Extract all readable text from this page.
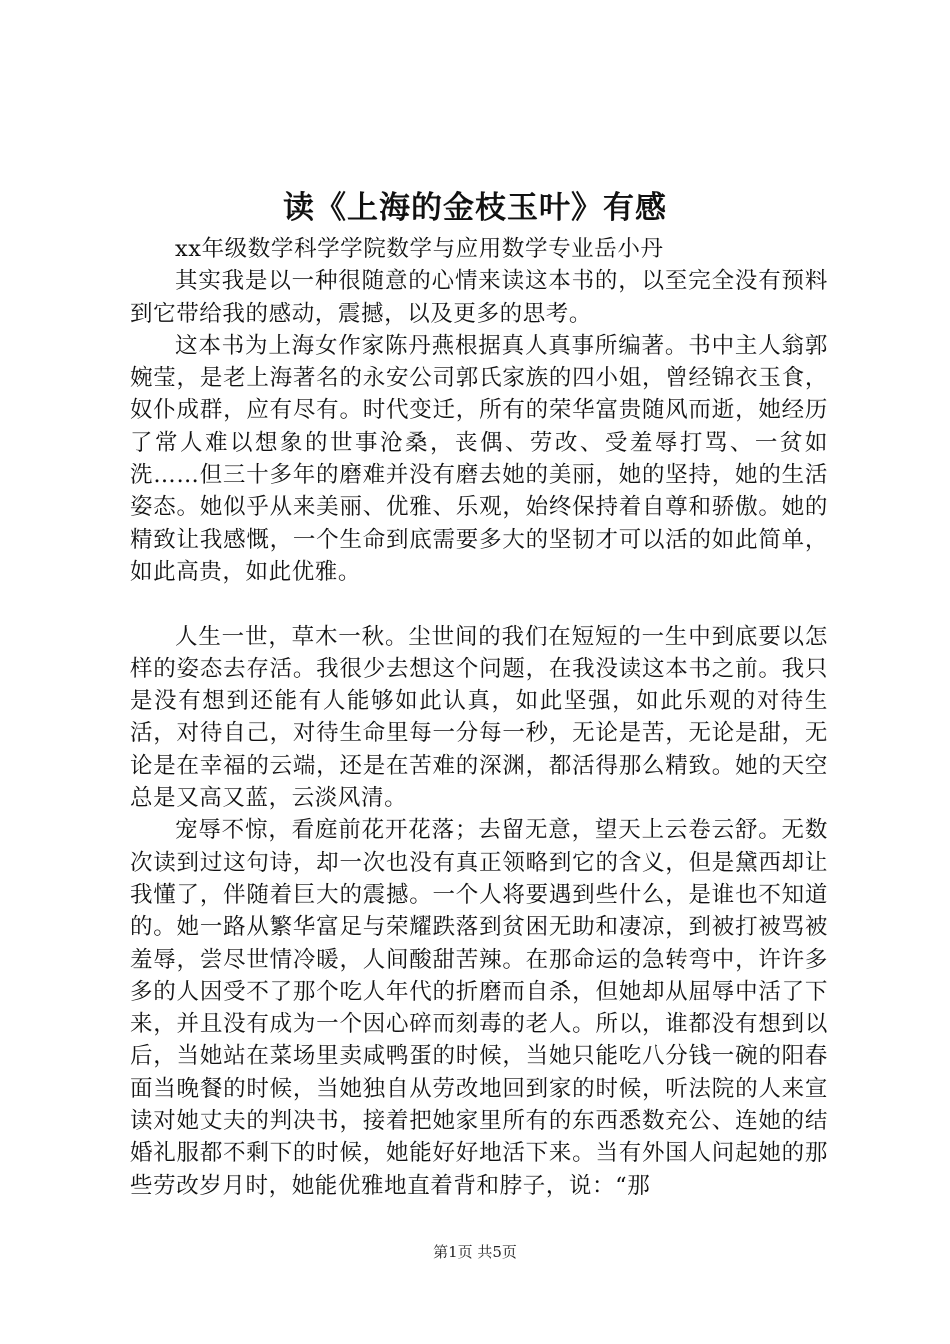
读《上海的金枝玉叶》有感

xx年级数学科学学院数学与应用数学专业岳小丹

其实我是以一种很随意的心情来读这本书的，以至完全没有预料到它带给我的感动，震撼，以及更多的思考。

这本书为上海女作家陈丹燕根据真人真事所编著。书中主人翁郭婉莹，是老上海著名的永安公司郭氏家族的四小姐，曾经锦衣玉食，奴仆成群，应有尽有。时代变迁，所有的荣华富贵随风而逝，她经历了常人难以想象的世事沧桑，丧偶、劳改、受羞辱打骂、一贫如洗……但三十多年的磨难并没有磨去她的美丽，她的坚持，她的生活姿态。她似乎从来美丽、优雅、乐观，始终保持着自尊和骄傲。她的精致让我感慨，一个生命到底需要多大的坚韧才可以活的如此简单，如此高贵，如此优雅。

人生一世，草木一秋。尘世间的我们在短短的一生中到底要以怎样的姿态去存活。我很少去想这个问题，在我没读这本书之前。我只是没有想到还能有人能够如此认真，如此坚强，如此乐观的对待生活，对待自己，对待生命里每一分每一秒，无论是苦，无论是甜，无论是在幸福的云端，还是在苦难的深渊，都活得那么精致。她的天空总是又高又蓝，云淡风清。

宠辱不惊，看庭前花开花落；去留无意，望天上云卷云舒。无数次读到过这句诗，却一次也没有真正领略到它的含义，但是黛西却让我懂了，伴随着巨大的震撼。一个人将要遇到些什么，是谁也不知道的。她一路从繁华富足与荣耀跌落到贫困无助和凄凉，到被打被骂被羞辱，尝尽世情冷暖，人间酸甜苦辣。在那命运的急转弯中，许许多多的人因受不了那个吃人年代的折磨而自杀，但她却从屈辱中活了下来，并且没有成为一个因心碎而刻毒的老人。所以，谁都没有想到以后，当她站在菜场里卖咸鸭蛋的时候，当她只能吃八分钱一碗的阳春面当晚餐的时候，当她独自从劳改地回到家的时候，听法院的人来宣读对她丈夫的判决书，接着把她家里所有的东西悉数充公、连她的结婚礼服都不剩下的时候，她能好好地活下来。当有外国人问起她的那些劳改岁月时，她能优雅地直着背和脖子，说：“那

第1页 共5页
